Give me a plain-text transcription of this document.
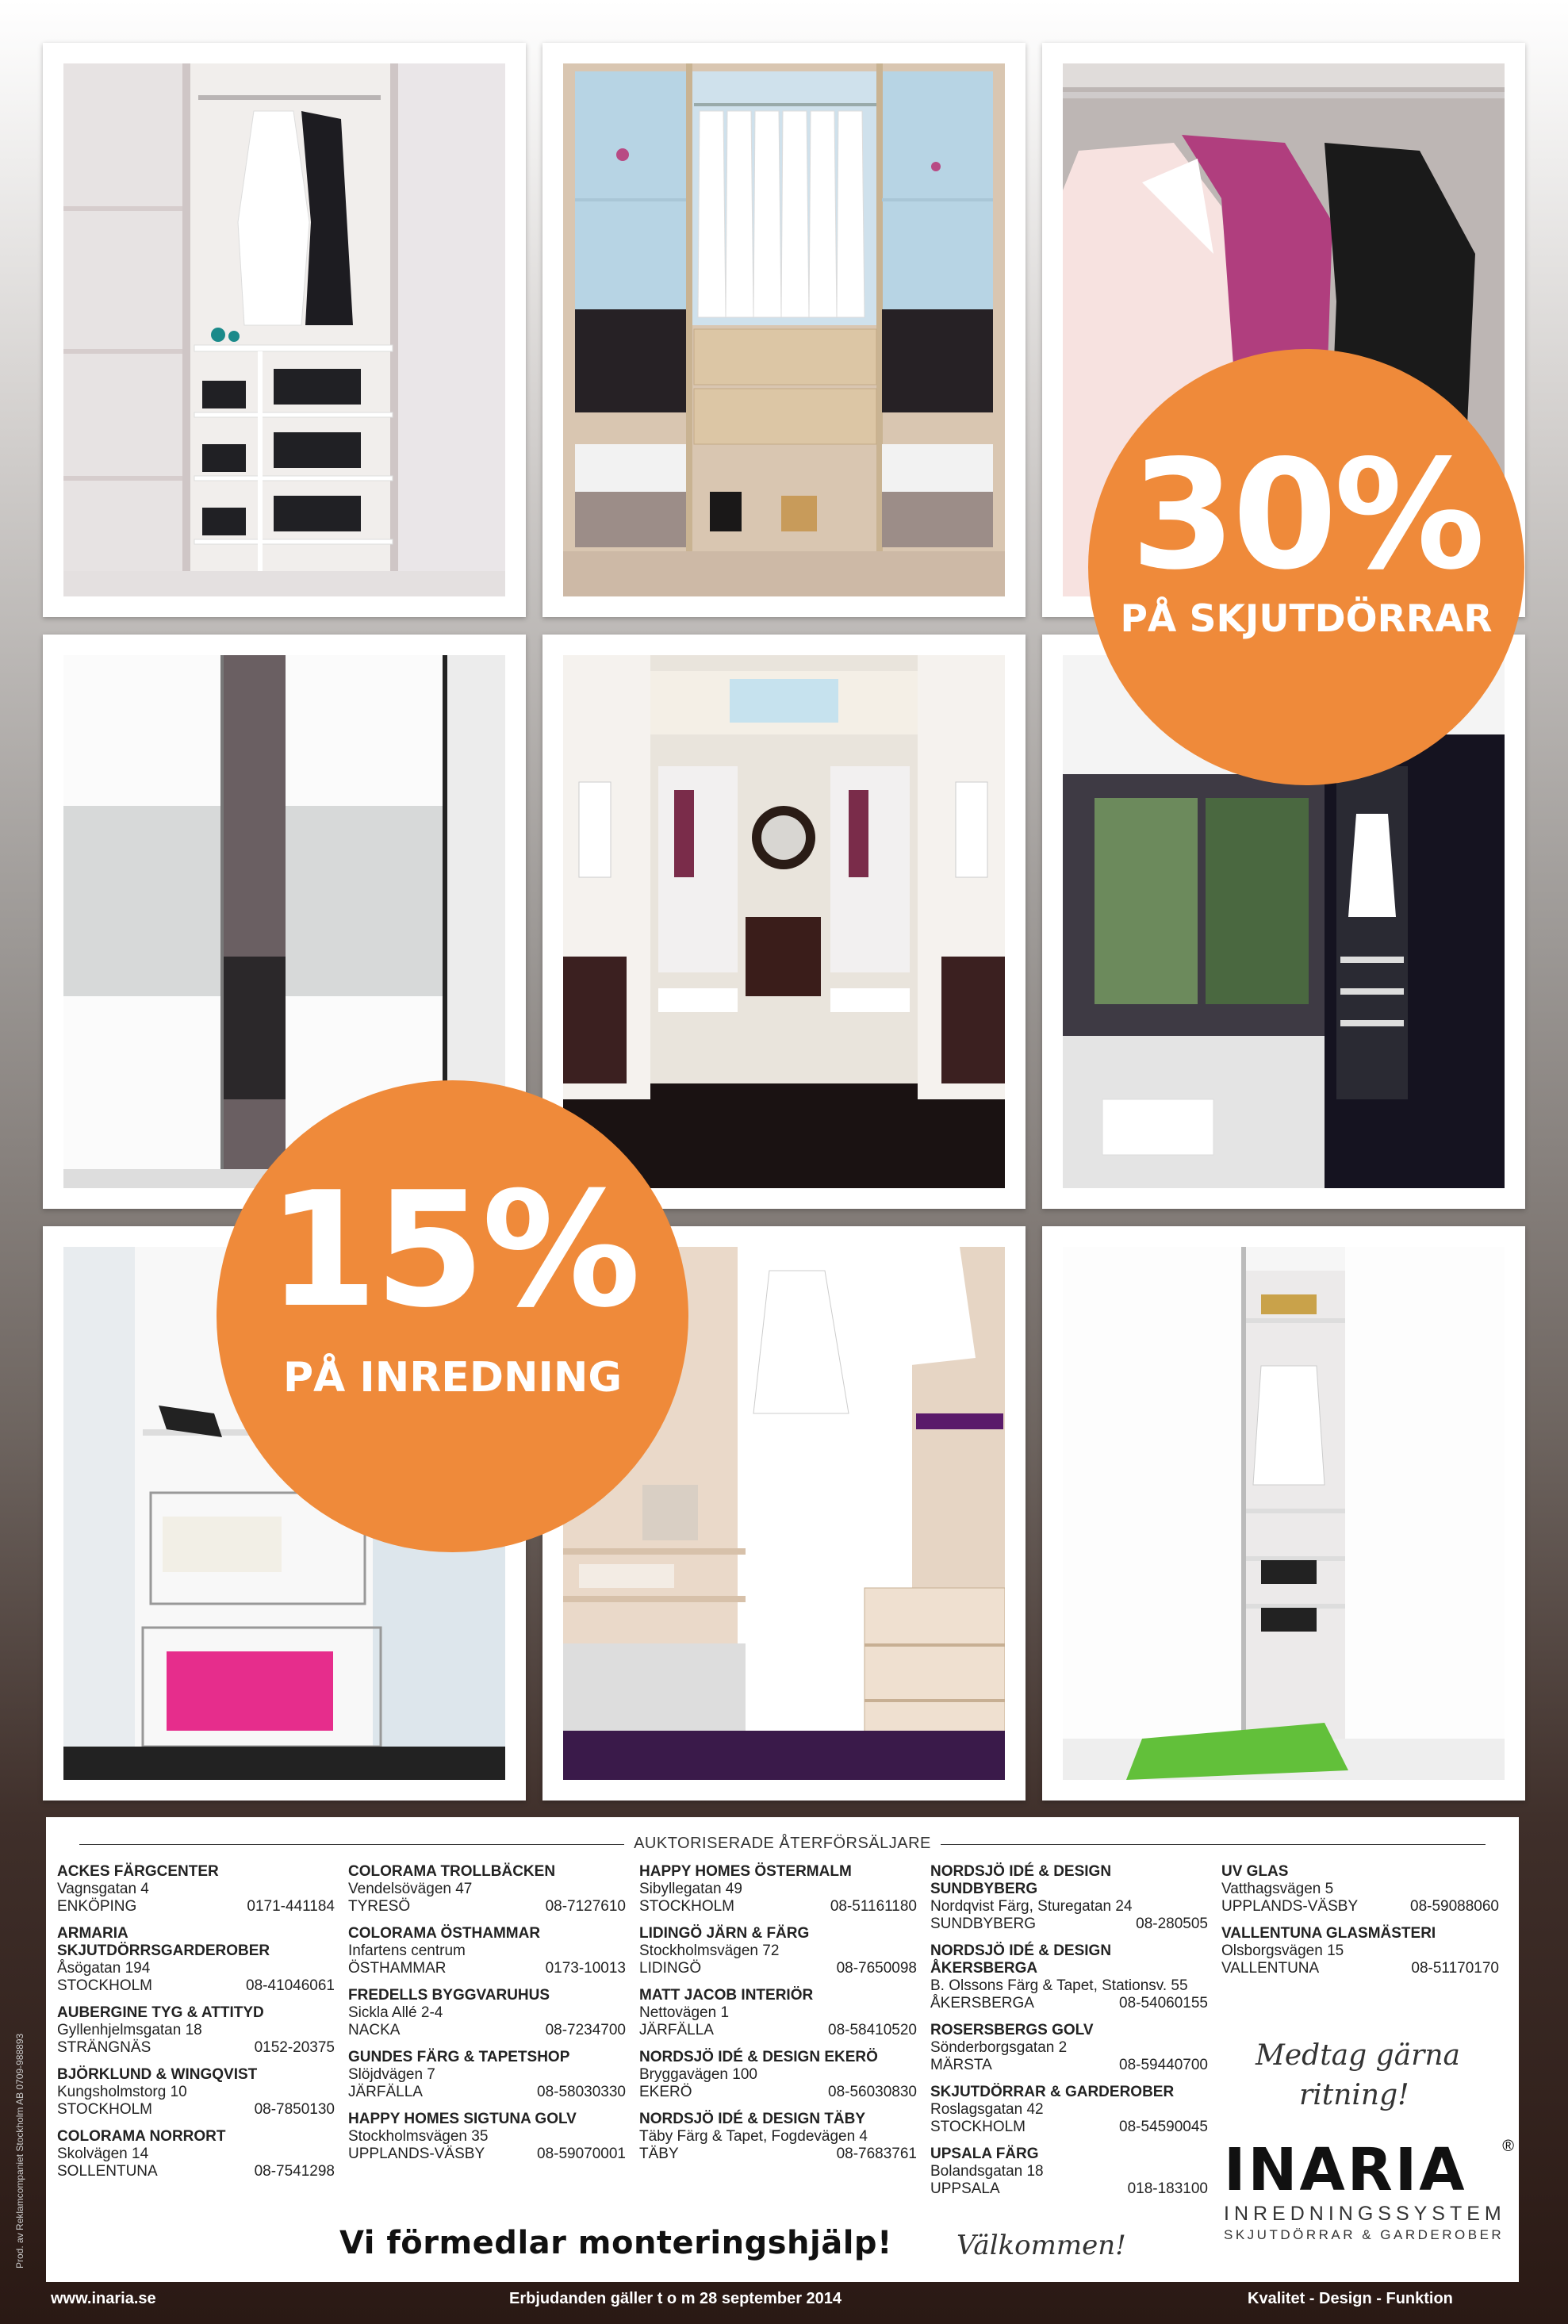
30%
PÅ SKJUTDÖRRAR
15%
PÅ INREDNING
AUKTORISERADE ÅTERFÖRSÄLJARE
ACKES FÄRGCENTER
Vagnsgatan 4
ENKÖPING	0171-441184
ARMARIA SKJUTDÖRRSGARDEROBER
Åsögatan 194
STOCKHOLM	08-41046061
AUBERGINE TYG & ATTITYD
Gyllenhjelmsgatan 18
STRÄNGNÄS	0152-20375
BJÖRKLUND & WINGQVIST
Kungsholmstorg 10
STOCKHOLM	08-7850130
COLORAMA NORRORT
Skolvägen 14
SOLLENTUNA	08-7541298
COLORAMA TROLLBÄCKEN
Vendelsövägen 47
TYRESÖ	08-7127610
COLORAMA ÖSTHAMMAR
Infartens centrum
ÖSTHAMMAR	0173-10013
FREDELLS BYGGVARUHUS
Sickla Allé 2-4
NACKA	08-7234700
GUNDES FÄRG & TAPETSHOP
Slöjdvägen 7
JÄRFÄLLA	08-58030330
HAPPY HOMES SIGTUNA GOLV
Stockholmsvägen 35
UPPLANDS-VÄSBY	08-59070001
HAPPY HOMES ÖSTERMALM
Sibyllegatan 49
STOCKHOLM	08-51161180
LIDINGÖ JÄRN & FÄRG
Stockholmsvägen 72
LIDINGÖ	08-7650098
MATT JACOB INTERIÖR
Nettovägen 1
JÄRFÄLLA	08-58410520
NORDSJÖ IDÉ & DESIGN EKERÖ
Bryggavägen 100
EKERÖ	08-56030830
NORDSJÖ IDÉ & DESIGN TÄBY
Täby Färg & Tapet, Fogdevägen 4
TÄBY	08-7683761
NORDSJÖ IDÉ & DESIGN SUNDBYBERG
Nordqvist Färg, Sturegatan 24
SUNDBYBERG	08-280505
NORDSJÖ IDÉ & DESIGN ÅKERSBERGA
B. Olssons Färg & Tapet, Stationsv. 55
ÅKERSBERGA	08-54060155
ROSERSBERGS GOLV
Sönderborgsgatan 2
MÄRSTA	08-59440700
SKJUTDÖRRAR & GARDEROBER
Roslagsgatan 42
STOCKHOLM	08-54590045
UPSALA FÄRG
Bolandsgatan 18
UPPSALA	018-183100
UV GLAS
Vatthagsvägen 5
UPPLANDS-VÄSBY	08-59088060
VALLENTUNA GLASMÄSTERI
Olsborgsvägen 15
VALLENTUNA	08-51170170
Medtag gärna
ritning!
Välkommen!
Vi förmedlar monteringshjälp!
INARIA	®
INREDNINGSSYSTEM
SKJUTDÖRRAR & GARDEROBER
www.inaria.se	Erbjudanden gäller t o m 28 september 2014	Kvalitet - Design - Funktion
Prod. av Reklamcompaniet Stockholm AB 0709-988893
